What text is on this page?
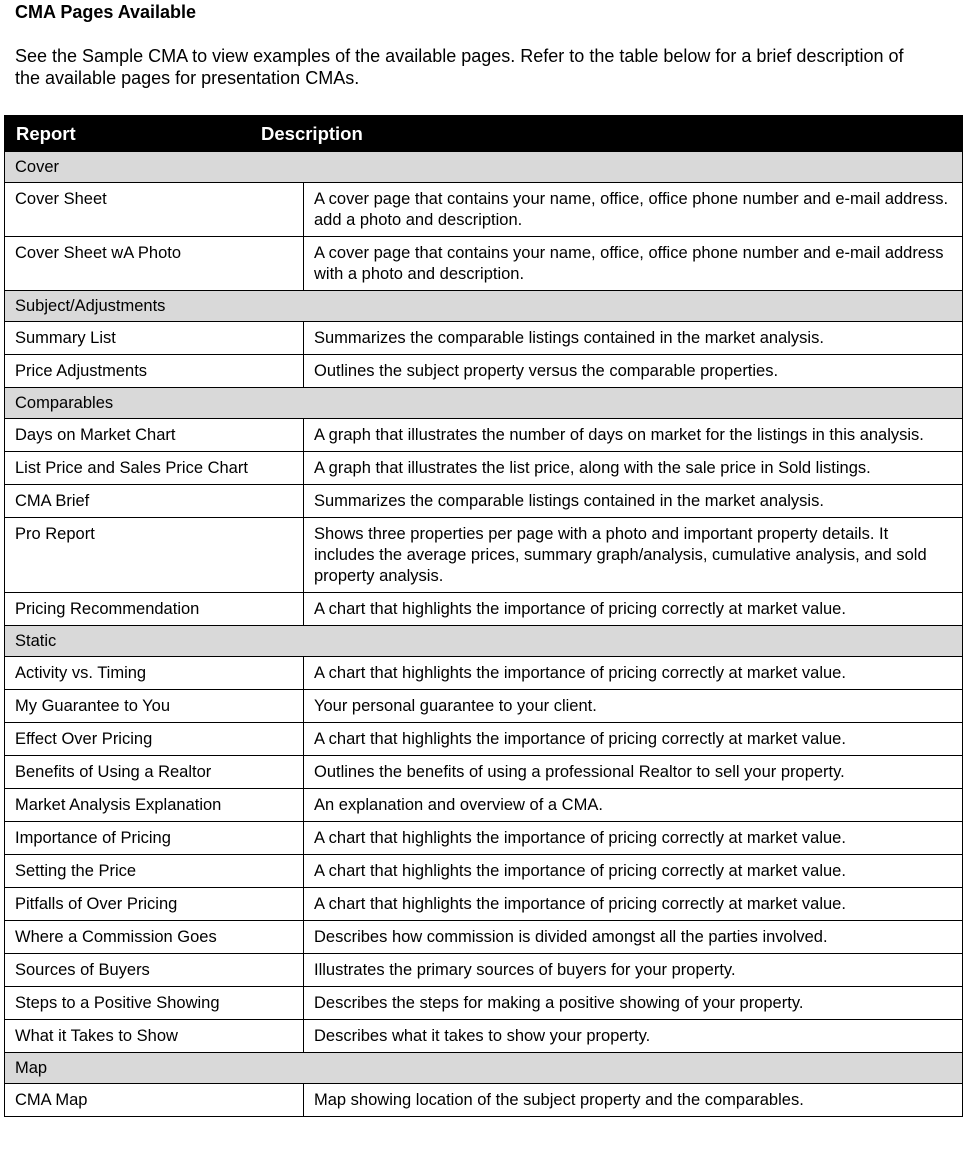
CMA Pages Available
See the Sample CMA to view examples of the available pages. Refer to the table below for a brief description of the available pages for presentation CMAs.
Report Description	

Cover	
Cover Sheet	A cover page that contains your name, office, office phone number and e-mail address. add a photo and description.
Cover Sheet wA Photo	A cover page that contains your name, office, office phone number and e-mail address with a photo and description.
Subject/Adjustments	
Summary List	Summarizes the comparable listings contained in the market analysis.
Price Adjustments	Outlines the subject property versus the comparable properties.
Comparables	
Days on Market Chart	A graph that illustrates the number of days on market for the listings in this analysis.
List Price and Sales Price Chart	A graph that illustrates the list price, along with the sale price in Sold listings.
CMA Brief	Summarizes the comparable listings contained in the market analysis.
Pro Report	Shows three properties per page with a photo and important property details. It includes the average prices, summary graph/analysis, cumulative analysis, and sold property analysis.
Pricing Recommendation	A chart that highlights the importance of pricing correctly at market value.
Static	
Activity vs. Timing	A chart that highlights the importance of pricing correctly at market value.
My Guarantee to You	Your personal guarantee to your client.
Effect Over Pricing	A chart that highlights the importance of pricing correctly at market value.
Benefits of Using a Realtor	Outlines the benefits of using a professional Realtor to sell your property.
Market Analysis Explanation	An explanation and overview of a CMA.
Importance of Pricing	A chart that highlights the importance of pricing correctly at market value.
Setting the Price	A chart that highlights the importance of pricing correctly at market value.
Pitfalls of Over Pricing	A chart that highlights the importance of pricing correctly at market value.
Where a Commission Goes	Describes how commission is divided amongst all the parties involved.
Sources of Buyers	Illustrates the primary sources of buyers for your property.
Steps to a Positive Showing	Describes the steps for making a positive showing of your property.
What it Takes to Show	Describes what it takes to show your property.
Map	
CMA Map	Map showing location of the subject property and the comparables.
